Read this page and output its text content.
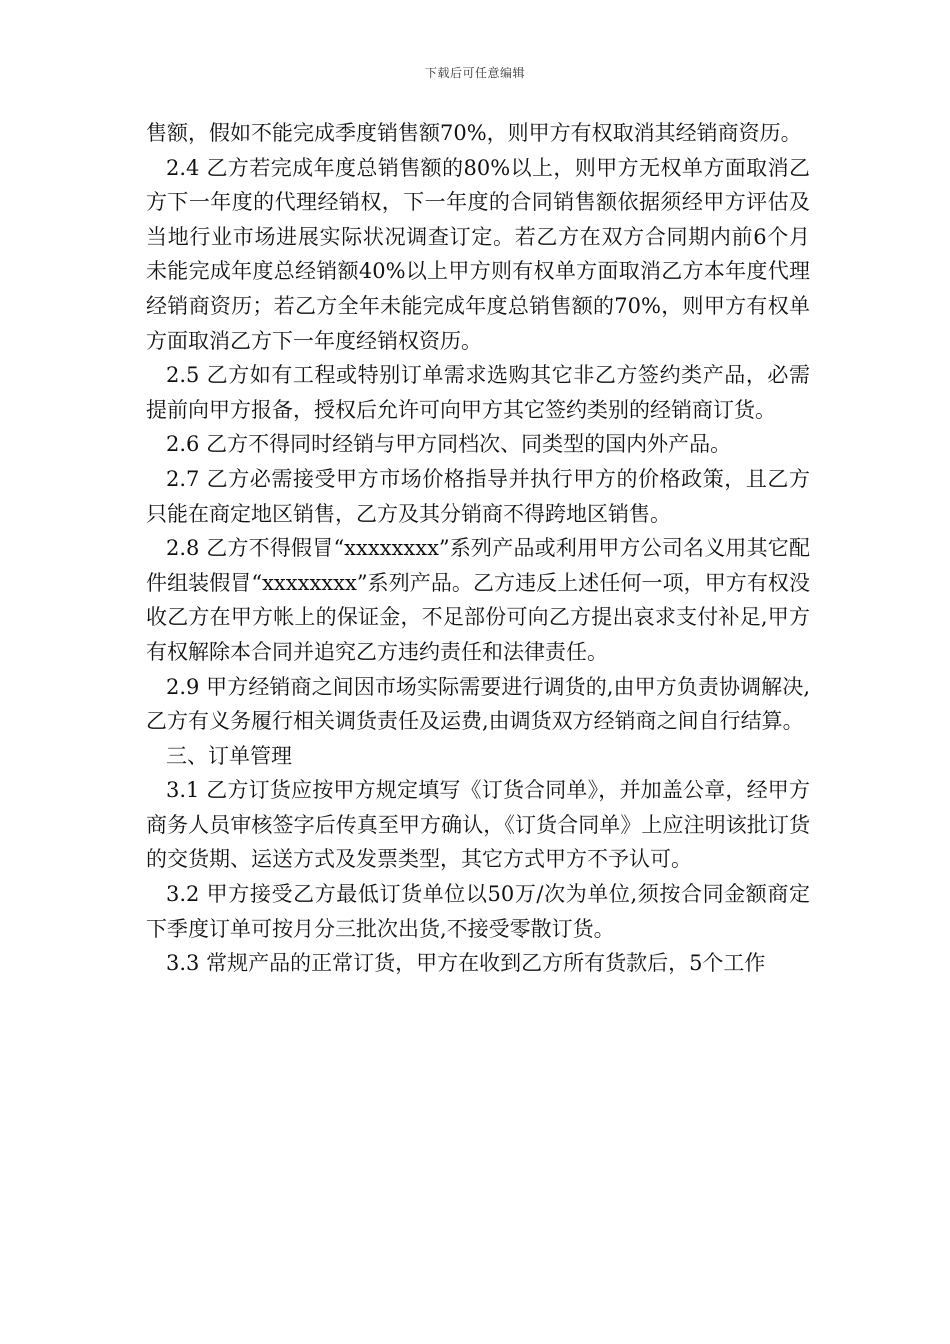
下载后可任意编辑

售额，假如不能完成季度销售额70%，则甲方有权取消其经销商资历。

2.4 乙方若完成年度总销售额的80%以上，则甲方无权单方面取消乙方下一年度的代理经销权，下一年度的合同销售额依据须经甲方评估及当地行业市场进展实际状况调查订定。若乙方在双方合同期内前6个月未能完成年度总经销额40%以上甲方则有权单方面取消乙方本年度代理经销商资历；若乙方全年未能完成年度总销售额的70%，则甲方有权单方面取消乙方下一年度经销权资历。

2.5 乙方如有工程或特别订单需求选购其它非乙方签约类产品，必需提前向甲方报备，授权后允许可向甲方其它签约类别的经销商订货。

2.6 乙方不得同时经销与甲方同档次、同类型的国内外产品。

2.7 乙方必需接受甲方市场价格指导并执行甲方的价格政策，且乙方只能在商定地区销售，乙方及其分销商不得跨地区销售。

2.8 乙方不得假冒“xxxxxxxx”系列产品或利用甲方公司名义用其它配件组装假冒“xxxxxxxx”系列产品。乙方违反上述任何一项，甲方有权没收乙方在甲方帐上的保证金，不足部份可向乙方提出哀求支付补足,甲方有权解除本合同并追究乙方违约责任和法律责任。

2.9 甲方经销商之间因市场实际需要进行调货的,由甲方负责协调解决,乙方有义务履行相关调货责任及运费,由调货双方经销商之间自行结算。

三、订单管理

3.1 乙方订货应按甲方规定填写《订货合同单》，并加盖公章，经甲方商务人员审核签字后传真至甲方确认，《订货合同单》上应注明该批订货的交货期、运送方式及发票类型，其它方式甲方不予认可。

3.2 甲方接受乙方最低订货单位以50万/次为单位,须按合同金额商定下季度订单可按月分三批次出货,不接受零散订货。

3.3 常规产品的正常订货，甲方在收到乙方所有货款后，5个工作
